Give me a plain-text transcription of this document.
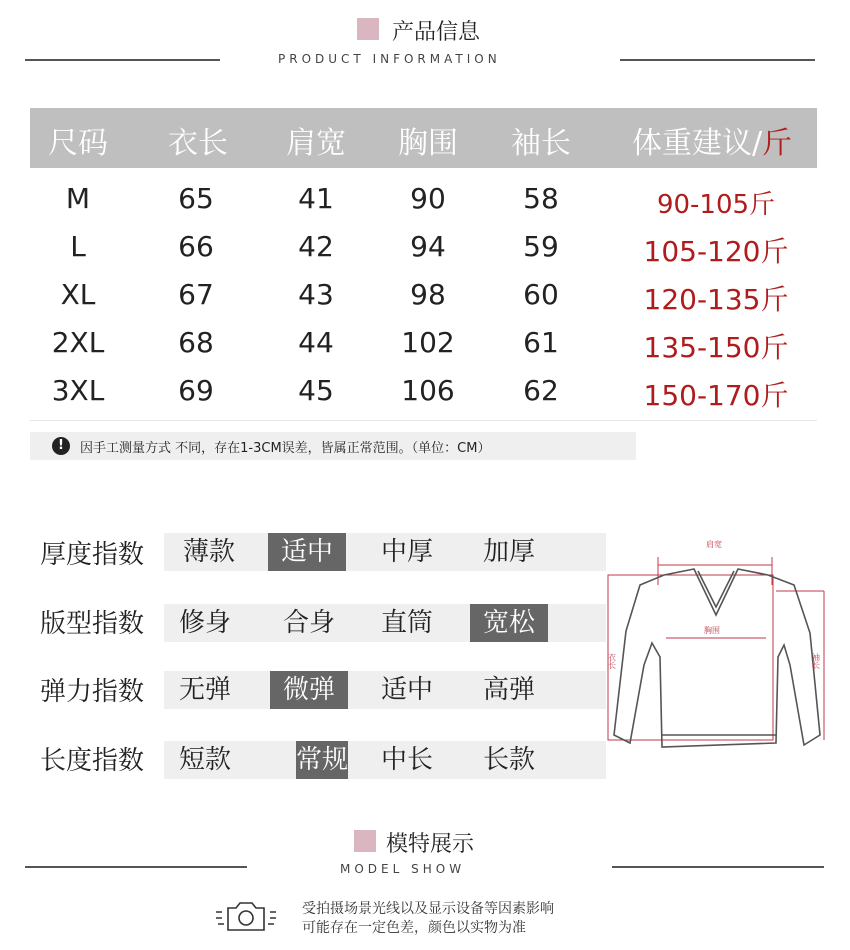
产品信息
PRODUCT INFORMATION
尺码 衣长 肩宽 胸围 袖长 体重建议/斤
M	65	41	90	58	90-105斤
L	66	42	94	59	105-120斤
XL	67	43	98	60	120-135斤
2XL	68	44 102 61	135-150斤
3XL	69	45 106 62	150-170斤
!	因手工测量方式 不同，存在1-3CM误差，皆属正常范围。（单位：CM）
厚度指数	薄款	适中	中厚	加厚
版型指数	修身	合身	直筒	宽松
弹力指数	无弹	微弹	适中	高弹
长度指数	短款	常规	中长	长款
肩宽
胸围
衣长	袖长
模特展示
MODEL SHOW
受拍摄场景光线以及显示设备等因素影响
可能存在一定色差，颜色以实物为准
